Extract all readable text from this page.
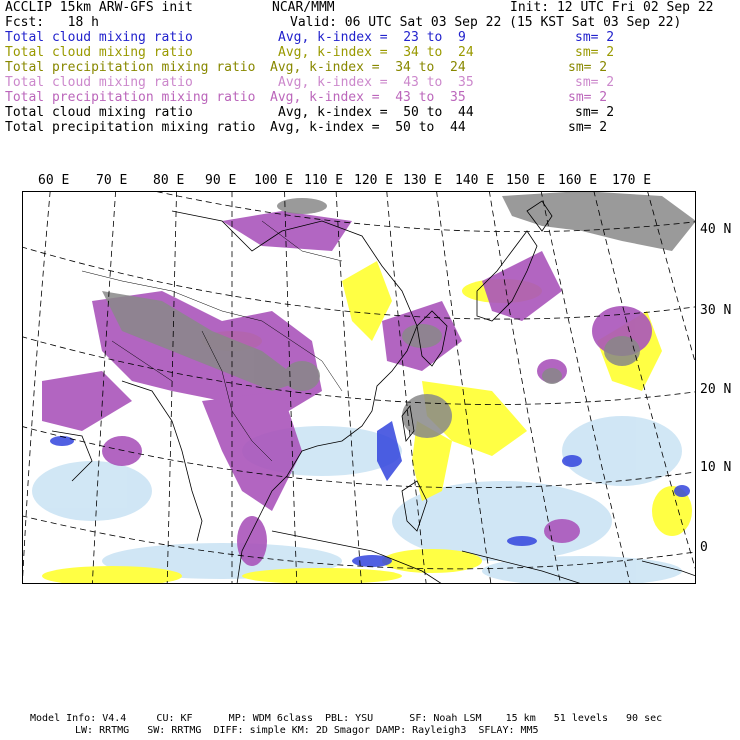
ACCLIP 15km ARW-GFS init	NCAR/MMM	Init: 12 UTC Fri 02 Sep 22
Fcst:   18 h	Valid: 06 UTC Sat 03 Sep 22 (15 KST Sat 03 Sep 22)
Total cloud mixing ratio	Avg, k-index =  23 to  9	sm= 2
Total cloud mixing ratio	Avg, k-index =  34 to  24	sm= 2
Total precipitation mixing ratio Avg, k-index =  34 to  24	sm= 2
Total cloud mixing ratio	Avg, k-index =  43 to  35	sm= 2
Total precipitation mixing ratio Avg, k-index =  43 to  35	sm= 2
Total cloud mixing ratio	Avg, k-index =  50 to  44	sm= 2
Total precipitation mixing ratio Avg, k-index =  50 to  44	sm= 2
60 E 70 E 80 E 90 E 100 E 110 E 120 E 130 E 140 E 150 E 160 E 170 E
40 N
30 N
20 N
10 N
0
Model Info: V4.4     CU: KF      MP: WDM 6class  PBL: YSU      SF: Noah LSM    15 km   51 levels   90 sec
LW: RRTMG   SW: RRTMG  DIFF: simple KM: 2D Smagor DAMP: Rayleigh3  SFLAY: MM5
